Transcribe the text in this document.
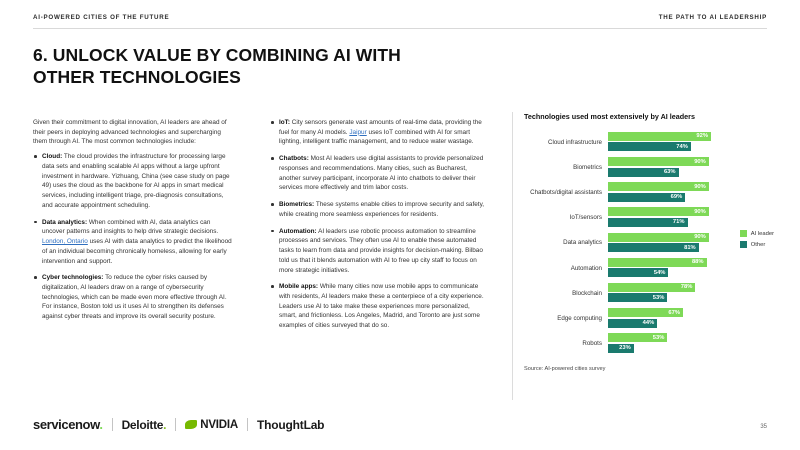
AI-POWERED CITIES OF THE FUTURE	THE PATH TO AI LEADERSHIP
6. UNLOCK VALUE BY COMBINING AI WITH OTHER TECHNOLOGIES

Given their commitment to digital innovation, AI leaders are ahead of their peers in deploying advanced technologies and supercharging them through AI. The most common technologies include:

Cloud: The cloud provides the infrastructure for processing large data sets and enabling scalable AI apps without a large upfront investment in hardware. Yizhuang, China (see case study on page 49) uses the cloud as the backbone for AI apps in smart medical services, including intelligent triage, pre-diagnosis consultations, and accurate appointment scheduling.
Data analytics: When combined with AI, data analytics can uncover patterns and insights to help drive strategic decisions. London, Ontario uses AI with data analytics to predict the likelihood of an individual becoming chronically homeless, allowing for early intervention and support.
Cyber technologies: To reduce the cyber risks caused by digitalization, AI leaders draw on a range of cybersecurity technologies, which can be made even more effective through AI. For instance, Boston told us it uses AI to strengthen its defenses against cyber threats and improve its overall security posture.
IoT: City sensors generate vast amounts of real-time data, providing the fuel for many AI models. Jaipur uses IoT combined with AI for smart lighting, intelligent traffic management, and to reduce water wastage.
Chatbots: Most AI leaders use digital assistants to provide personalized responses and recommendations. Many cities, such as Bucharest, another survey participant, incorporate AI into chatbots to deliver their services more effectively and trim labor costs.
Biometrics: These systems enable cities to improve security and safety, while creating more seamless experiences for residents.
Automation: AI leaders use robotic process automation to streamline processes and services. They often use AI to enable these automated tasks to learn from data and provide insights for decision-making. Bilbao told us that it blends automation with AI to free up city staff to focus on more strategic initiatives.
Mobile apps: While many cities now use mobile apps to communicate with residents, AI leaders make these a centerpiece of a city experience. Leaders use AI to take make these experiences more personalized, smart, and frictionless. Los Angeles, Madrid, and Toronto are just some examples of cities surveyed that do so.
Technologies used most extensively by AI leaders
Cloud infrastructure
92%
74%
Biometrics
90%
63%
Chatbots/digital assistants
90%
69%
IoT/sensors
90%
71%
Data analytics
90%
81%
Automation
88%
54%
Blockchain
78%
53%
Edge computing
67%
44%
Robots
53%
23%
AI leader
Other
Source: AI-powered cities survey
servicenow. Deloitte.	NVIDIA ThoughtLab	35
